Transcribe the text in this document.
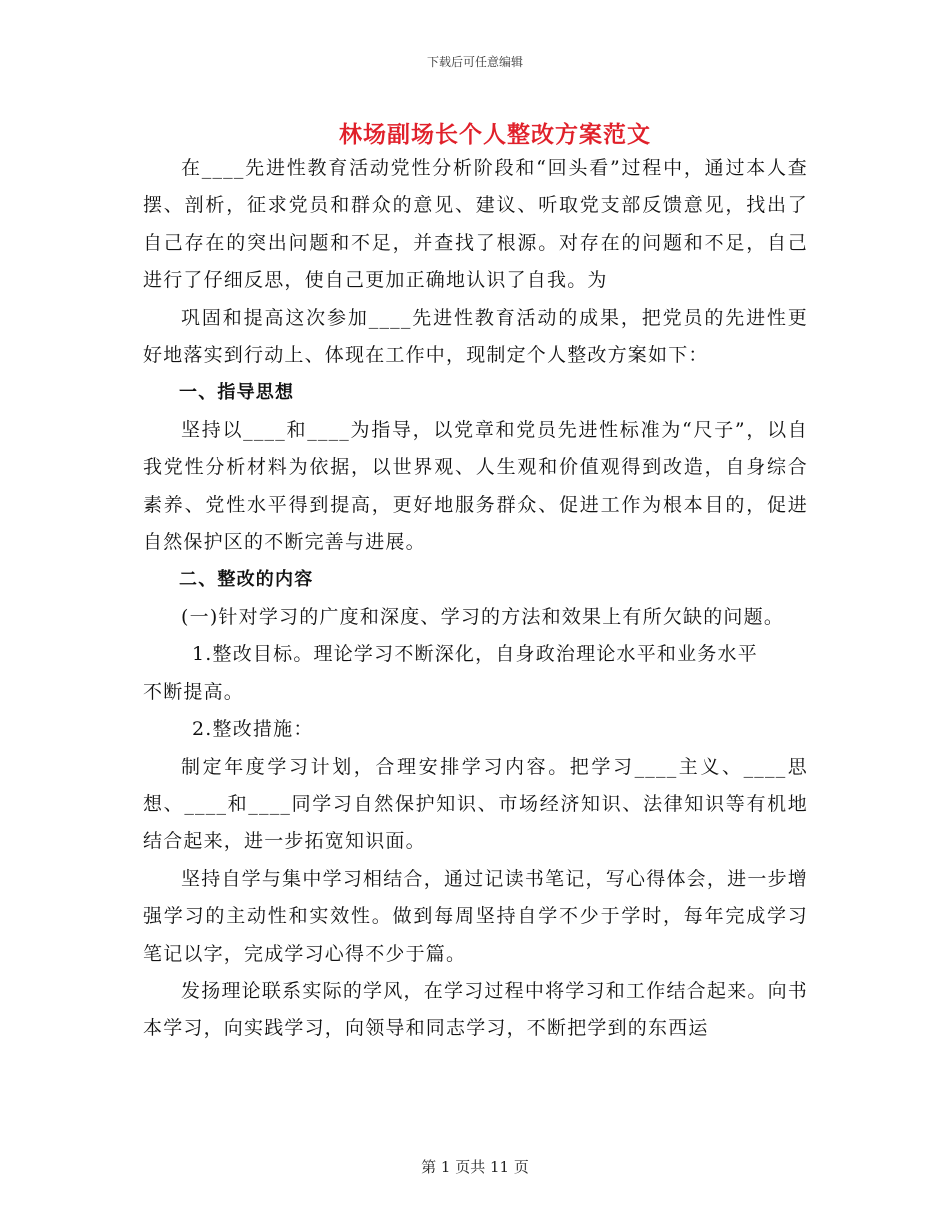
下载后可任意编辑
林场副场长个人整改方案范文

在____先进性教育活动党性分析阶段和“回头看”过程中，通过本人查摆、剖析，征求党员和群众的意见、建议、听取党支部反馈意见，找出了自己存在的突出问题和不足，并查找了根源。对存在的问题和不足，自己进行了仔细反思，使自己更加正确地认识了自我。为

巩固和提高这次参加____先进性教育活动的成果，把党员的先进性更好地落实到行动上、体现在工作中，现制定个人整改方案如下：

一、指导思想

坚持以____和____为指导，以党章和党员先进性标准为“尺子”，以自我党性分析材料为依据，以世界观、人生观和价值观得到改造，自身综合素养、党性水平得到提高，更好地服务群众、促进工作为根本目的，促进自然保护区的不断完善与进展。

二、整改的内容

(一)针对学习的广度和深度、学习的方法和效果上有所欠缺的问题。

1.整改目标。理论学习不断深化，自身政治理论水平和业务水平

不断提高。

2.整改措施：

制定年度学习计划，合理安排学习内容。把学习____主义、____思想、____和____同学习自然保护知识、市场经济知识、法律知识等有机地结合起来，进一步拓宽知识面。

坚持自学与集中学习相结合，通过记读书笔记，写心得体会，进一步增强学习的主动性和实效性。做到每周坚持自学不少于学时，每年完成学习笔记以字，完成学习心得不少于篇。

发扬理论联系实际的学风，在学习过程中将学习和工作结合起来。向书本学习，向实践学习，向领导和同志学习，不断把学到的东西运

第 1 页共 11 页
